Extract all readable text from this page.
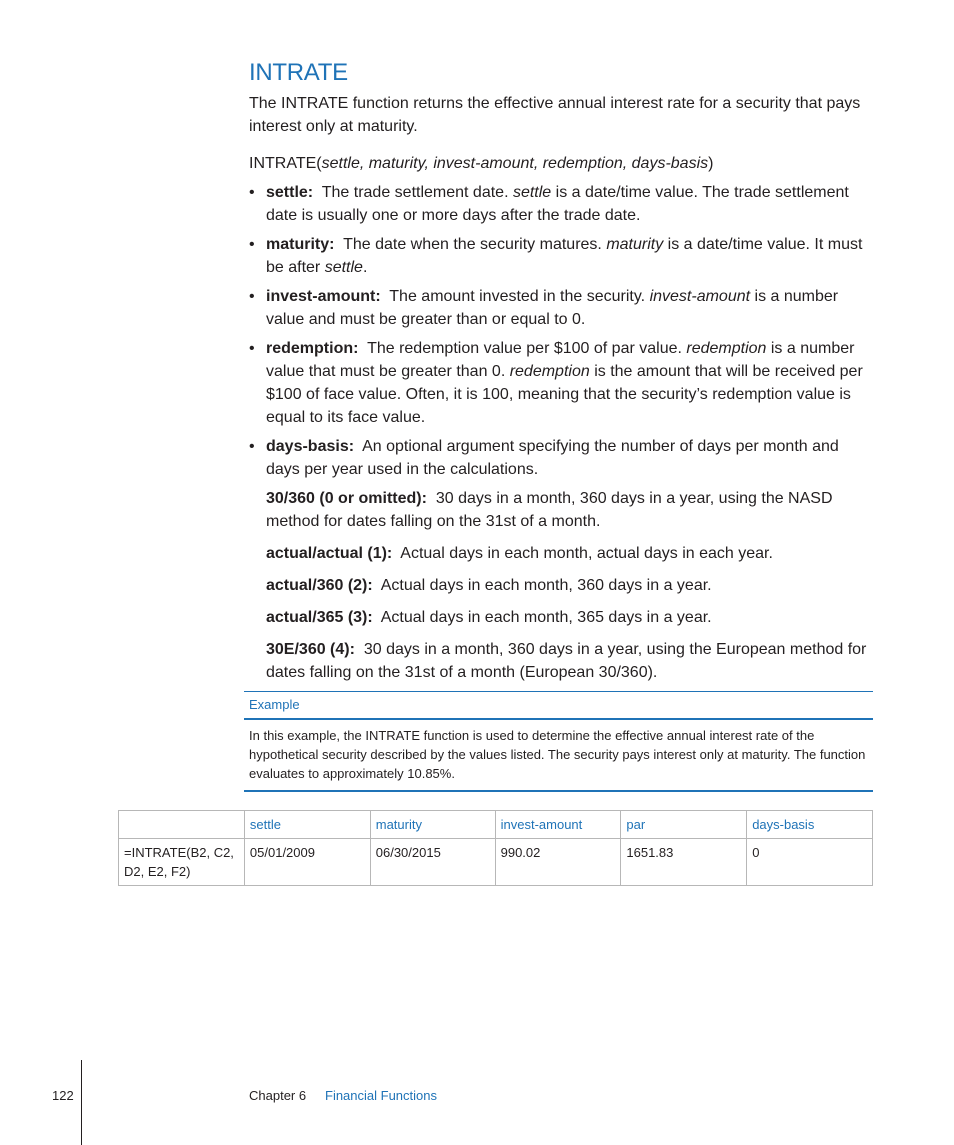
INTRATE

The INTRATE function returns the effective annual interest rate for a security that pays interest only at maturity.

INTRATE(settle, maturity, invest-amount, redemption, days-basis)

• settle: The trade settlement date. settle is a date/time value. The trade settlement date is usually one or more days after the trade date.
• maturity: The date when the security matures. maturity is a date/time value. It must be after settle.
• invest-amount: The amount invested in the security. invest-amount is a number value and must be greater than or equal to 0.
• redemption: The redemption value per $100 of par value. redemption is a number value that must be greater than 0. redemption is the amount that will be received per $100 of face value. Often, it is 100, meaning that the security’s redemption value is equal to its face value.
• days-basis: An optional argument specifying the number of days per month and days per year used in the calculations.

30/360 (0 or omitted): 30 days in a month, 360 days in a year, using the NASD method for dates falling on the 31st of a month.

actual/actual (1): Actual days in each month, actual days in each year.

actual/360 (2): Actual days in each month, 360 days in a year.

actual/365 (3): Actual days in each month, 365 days in a year.

30E/360 (4): 30 days in a month, 360 days in a year, using the European method for dates falling on the 31st of a month (European 30/360).

Example
In this example, the INTRATE function is used to determine the effective annual interest rate of the hypothetical security described by the values listed. The security pays interest only at maturity. The function evaluates to approximately 10.85%.
	settle	maturity	invest-amount	par	days-basis
=INTRATE(B2, C2, D2, E2, F2)	05/01/2009	06/30/2015	990.02	1651.83	0
122	Chapter 6 Financial Functions
